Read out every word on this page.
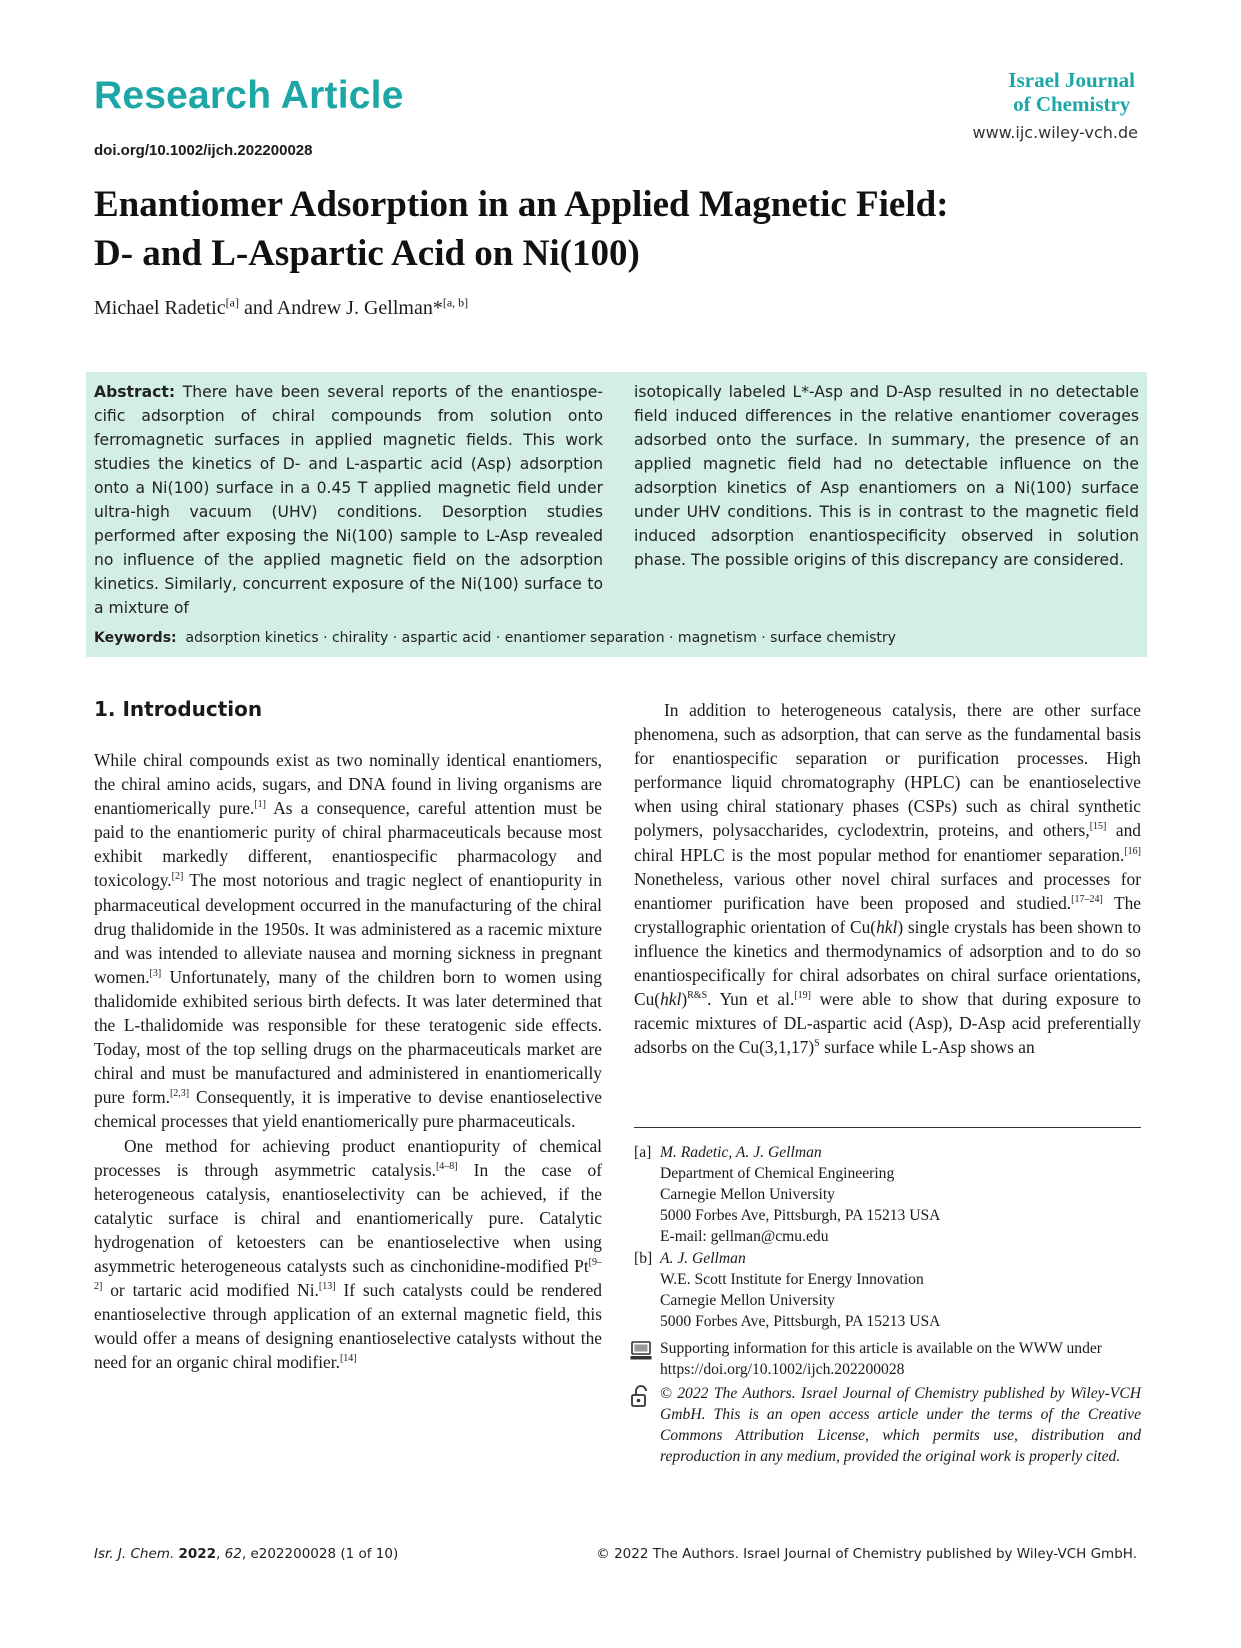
Research Article
doi.org/10.1002/ijch.202200028
Israel Journal
of Chemistry
www.ijc.wiley-vch.de
Enantiomer Adsorption in an Applied Magnetic Field:
D- and L-Aspartic Acid on Ni(100)
Michael Radetic[a] and Andrew J. Gellman*[a, b]
Abstract: There have been several reports of the enantiospecific adsorption of chiral compounds from solution onto ferromagnetic surfaces in applied magnetic fields. This work studies the kinetics of D- and L-aspartic acid (Asp) adsorption onto a Ni(100) surface in a 0.45 T applied magnetic field under ultra-high vacuum (UHV) conditions. Desorption studies performed after exposing the Ni(100) sample to L-Asp revealed no influence of the applied magnetic field on the adsorption kinetics. Similarly, concurrent exposure of the Ni(100) surface to a mixture of
isotopically labeled L*-Asp and D-Asp resulted in no detectable field induced differences in the relative enantiomer coverages adsorbed onto the surface. In summary, the presence of an applied magnetic field had no detectable influence on the adsorption kinetics of Asp enantiomers on a Ni(100) surface under UHV conditions. This is in contrast to the magnetic field induced adsorption enantiospecificity observed in solution phase. The possible origins of this discrepancy are considered.
Keywords: adsorption kinetics · chirality · aspartic acid · enantiomer separation · magnetism · surface chemistry
1. Introduction

While chiral compounds exist as two nominally identical enantiomers, the chiral amino acids, sugars, and DNA found in living organisms are enantiomerically pure.[1] As a consequence, careful attention must be paid to the enantiomeric purity of chiral pharmaceuticals because most exhibit markedly different, enantiospecific pharmacology and toxicology.[2] The most notorious and tragic neglect of enantiopurity in pharmaceutical development occurred in the manufacturing of the chiral drug thalidomide in the 1950s. It was administered as a racemic mixture and was intended to alleviate nausea and morning sickness in pregnant women.[3] Unfortunately, many of the children born to women using thalidomide exhibited serious birth defects. It was later determined that the L-thalidomide was responsible for these teratogenic side effects. Today, most of the top selling drugs on the pharmaceuticals market are chiral and must be manufactured and administered in enantiomerically pure form.[2,3] Consequently, it is imperative to devise enantioselective chemical processes that yield enantiomerically pure pharmaceuticals.

One method for achieving product enantiopurity of chemical processes is through asymmetric catalysis.[4–8] In the case of heterogeneous catalysis, enantioselectivity can be achieved, if the catalytic surface is chiral and enantiomerically pure. Catalytic hydrogenation of ketoesters can be enantioselective when using asymmetric heterogeneous catalysts such as cinchonidine-modified Pt[9–2] or tartaric acid modified Ni.[13] If such catalysts could be rendered enantioselective through application of an external magnetic field, this would offer a means of designing enantioselective catalysts without the need for an organic chiral modifier.[14]

In addition to heterogeneous catalysis, there are other surface phenomena, such as adsorption, that can serve as the fundamental basis for enantiospecific separation or purification processes. High performance liquid chromatography (HPLC) can be enantioselective when using chiral stationary phases (CSPs) such as chiral synthetic polymers, polysaccharides, cyclodextrin, proteins, and others,[15] and chiral HPLC is the most popular method for enantiomer separation.[16] Nonetheless, various other novel chiral surfaces and processes for enantiomer purification have been proposed and studied.[17–24] The crystallographic orientation of Cu(hkl) single crystals has been shown to influence the kinetics and thermodynamics of adsorption and to do so enantiospecifically for chiral adsorbates on chiral surface orientations, Cu(hkl)$^{R\&S}$. Yun et al.[19] were able to show that during exposure to racemic mixtures of DL-aspartic acid (Asp), D-Asp acid preferentially adsorbs on the $Cu(3,1,17)^S$ surface while L-Asp shows an

[a] M. Radetic, A. J. Gellman
Department of Chemical Engineering
Carnegie Mellon University
5000 Forbes Ave, Pittsburgh, PA 15213 USA
E-mail: gellman@cmu.edu
[b] A. J. Gellman
W.E. Scott Institute for Energy Innovation
Carnegie Mellon University
5000 Forbes Ave, Pittsburgh, PA 15213 USA
Supporting information for this article is available on the WWW under https://doi.org/10.1002/ijch.202200028
© 2022 The Authors. Israel Journal of Chemistry published by Wiley-VCH GmbH. This is an open access article under the terms of the Creative Commons Attribution License, which permits use, distribution and reproduction in any medium, provided the original work is properly cited.
Isr. J. Chem. 2022, 62, e202200028 (1 of 10)	© 2022 The Authors. Israel Journal of Chemistry published by Wiley-VCH GmbH.
